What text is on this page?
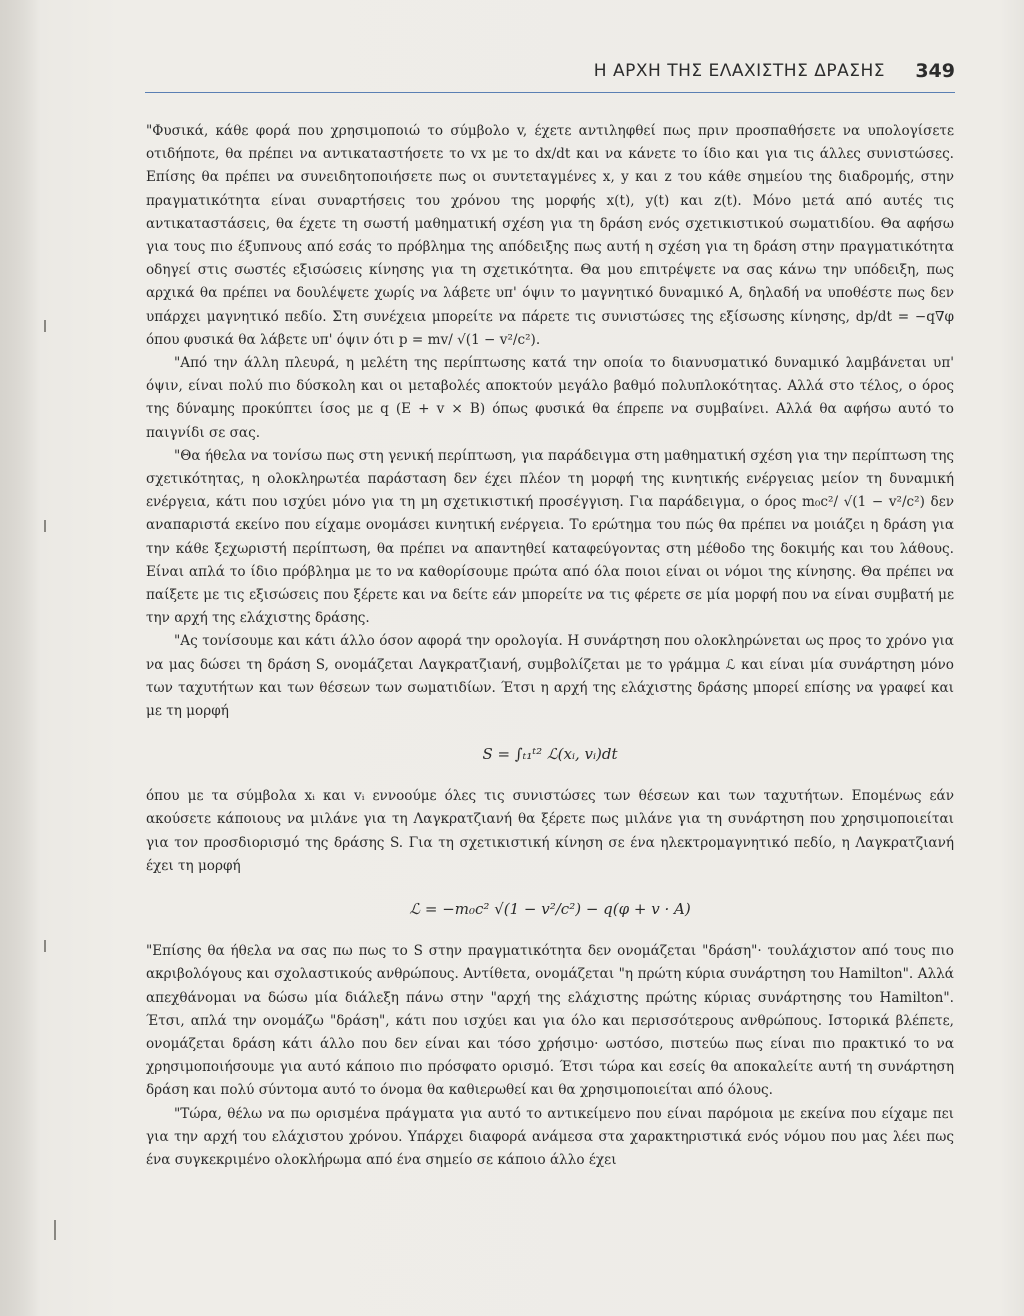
Η ΑΡΧΗ ΤΗΣ ΕΛΑΧΙΣΤΗΣ ΔΡΑΣΗΣ 349

"Φυσικά, κάθε φορά που χρησιμοποιώ το σύμβολο v, έχετε αντιληφθεί πως πριν προσπαθήσετε να υπολογίσετε οτιδήποτε, θα πρέπει να αντικαταστήσετε το vx με το dx/dt και να κάνετε το ίδιο και για τις άλλες συνιστώσες. Επίσης θα πρέπει να συνειδητοποιήσετε πως οι συντεταγμένες x, y και z του κάθε σημείου της διαδρομής, στην πραγματικότητα είναι συναρτήσεις του χρόνου της μορφής x(t), y(t) και z(t). Μόνο μετά από αυτές τις αντικαταστάσεις, θα έχετε τη σωστή μαθηματική σχέση για τη δράση ενός σχετικιστικού σωματιδίου. Θα αφήσω για τους πιο έξυπνους από εσάς το πρόβλημα της απόδειξης πως αυτή η σχέση για τη δράση στην πραγματικότητα οδηγεί στις σωστές εξισώσεις κίνησης για τη σχετικότητα. Θα μου επιτρέψετε να σας κάνω την υπόδειξη, πως αρχικά θα πρέπει να δουλέψετε χωρίς να λάβετε υπ' όψιν το μαγνητικό δυναμικό A, δηλαδή να υποθέστε πως δεν υπάρχει μαγνητικό πεδίο. Στη συνέχεια μπορείτε να πάρετε τις συνιστώσες της εξίσωσης κίνησης, dp/dt = −q∇φ όπου φυσικά θα λάβετε υπ' όψιν ότι p = mv/ √(1 − v²/c²).

"Από την άλλη πλευρά, η μελέτη της περίπτωσης κατά την οποία το διανυσματικό δυναμικό λαμβάνεται υπ' όψιν, είναι πολύ πιο δύσκολη και οι μεταβολές αποκτούν μεγάλο βαθμό πολυπλοκότητας. Αλλά στο τέλος, ο όρος της δύναμης προκύπτει ίσος με q (E + v × B) όπως φυσικά θα έπρεπε να συμβαίνει. Αλλά θα αφήσω αυτό το παιγνίδι σε σας.

"Θα ήθελα να τονίσω πως στη γενική περίπτωση, για παράδειγμα στη μαθηματική σχέση για την περίπτωση της σχετικότητας, η ολοκληρωτέα παράσταση δεν έχει πλέον τη μορφή της κινητικής ενέργειας μείον τη δυναμική ενέργεια, κάτι που ισχύει μόνο για τη μη σχετικιστική προσέγγιση. Για παράδειγμα, ο όρος m₀c²/ √(1 − v²/c²) δεν αναπαριστά εκείνο που είχαμε ονομάσει κινητική ενέργεια. Το ερώτημα του πώς θα πρέπει να μοιάζει η δράση για την κάθε ξεχωριστή περίπτωση, θα πρέπει να απαντηθεί καταφεύγοντας στη μέθοδο της δοκιμής και του λάθους. Είναι απλά το ίδιο πρόβλημα με το να καθορίσουμε πρώτα από όλα ποιοι είναι οι νόμοι της κίνησης. Θα πρέπει να παίξετε με τις εξισώσεις που ξέρετε και να δείτε εάν μπορείτε να τις φέρετε σε μία μορφή που να είναι συμβατή με την αρχή της ελάχιστης δράσης.

"Ας τονίσουμε και κάτι άλλο όσον αφορά την ορολογία. Η συνάρτηση που ολοκληρώνεται ως προς το χρόνο για να μας δώσει τη δράση S, ονομάζεται Λαγκρατζιανή, συμβολίζεται με το γράμμα ℒ και είναι μία συνάρτηση μόνο των ταχυτήτων και των θέσεων των σωματιδίων. Έτσι η αρχή της ελάχιστης δράσης μπορεί επίσης να γραφεί και με τη μορφή

S = ∫ₜ₁ᵗ² ℒ(xᵢ, vᵢ)dt

όπου με τα σύμβολα xᵢ και vᵢ εννοούμε όλες τις συνιστώσες των θέσεων και των ταχυτήτων. Επομένως εάν ακούσετε κάποιους να μιλάνε για τη Λαγκρατζιανή θα ξέρετε πως μιλάνε για τη συνάρτηση που χρησιμοποιείται για τον προσδιορισμό της δράσης S. Για τη σχετικιστική κίνηση σε ένα ηλεκτρομαγνητικό πεδίο, η Λαγκρατζιανή έχει τη μορφή

ℒ = −m₀c² √(1 − v²/c²) − q(φ + v · A)

"Επίσης θα ήθελα να σας πω πως το S στην πραγματικότητα δεν ονομάζεται "δράση"· τουλάχιστον από τους πιο ακριβολόγους και σχολαστικούς ανθρώπους. Αντίθετα, ονομάζεται "η πρώτη κύρια συνάρτηση του Hamilton". Αλλά απεχθάνομαι να δώσω μία διάλεξη πάνω στην "αρχή της ελάχιστης πρώτης κύριας συνάρτησης του Hamilton". Έτσι, απλά την ονομάζω "δράση", κάτι που ισχύει και για όλο και περισσότερους ανθρώπους. Ιστορικά βλέπετε, ονομάζεται δράση κάτι άλλο που δεν είναι και τόσο χρήσιμο· ωστόσο, πιστεύω πως είναι πιο πρακτικό το να χρησιμοποιήσουμε για αυτό κάποιο πιο πρόσφατο ορισμό. Έτσι τώρα και εσείς θα αποκαλείτε αυτή τη συνάρτηση δράση και πολύ σύντομα αυτό το όνομα θα καθιερωθεί και θα χρησιμοποιείται από όλους.

"Τώρα, θέλω να πω ορισμένα πράγματα για αυτό το αντικείμενο που είναι παρόμοια με εκείνα που είχαμε πει για την αρχή του ελάχιστου χρόνου. Υπάρχει διαφορά ανάμεσα στα χαρακτηριστικά ενός νόμου που μας λέει πως ένα συγκεκριμένο ολοκλήρωμα από ένα σημείο σε κάποιο άλλο έχει
